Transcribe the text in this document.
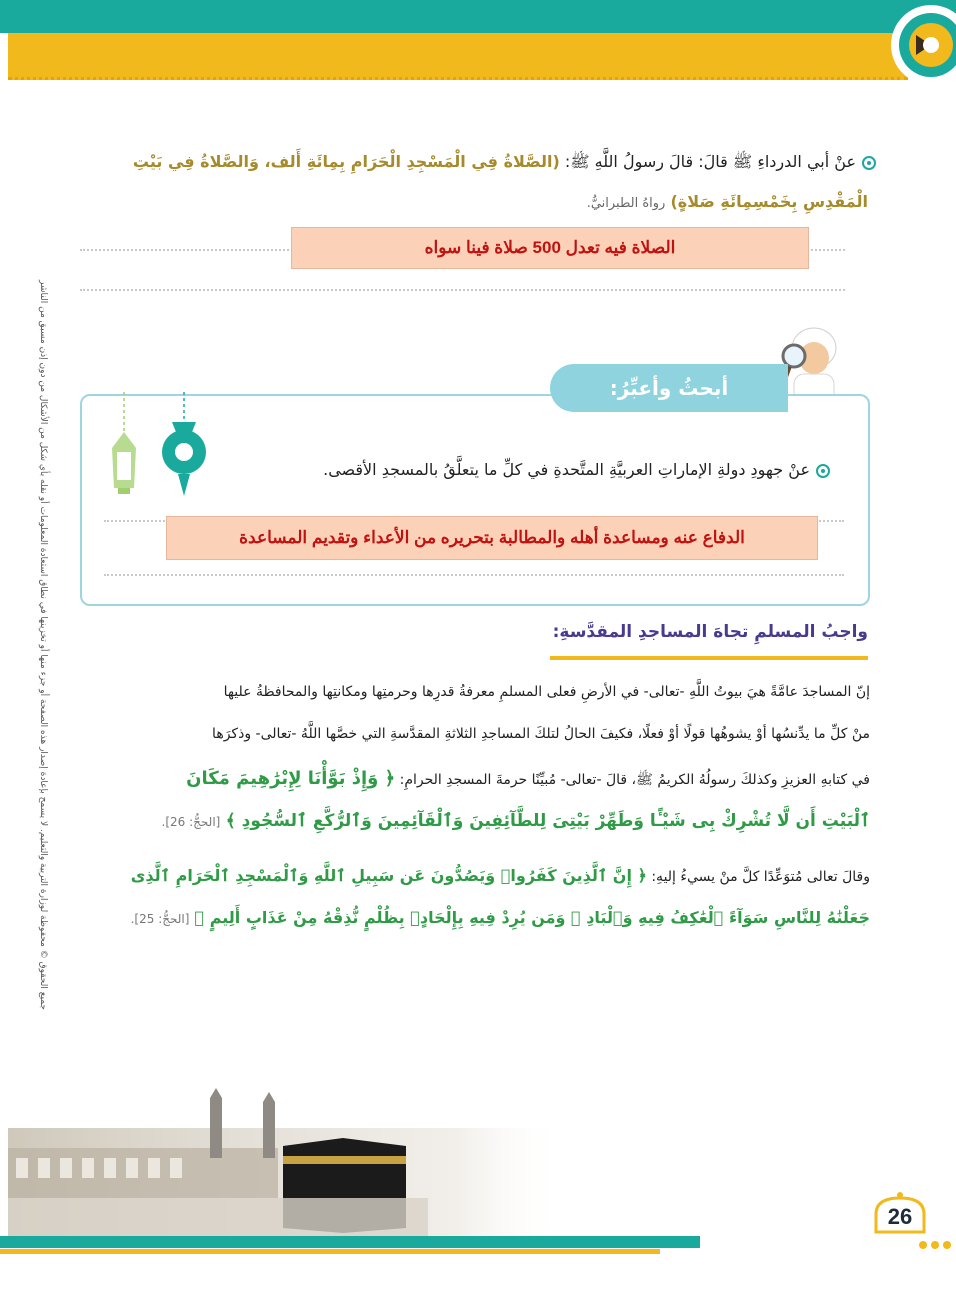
جميع الحقوق © محفوظة لوزارة التربية والتعليم. لا يسمح بإعادة إصدار هذه الصفحة أو جزء منها أو تخزينها في نطاق استعادة المعلومات أو نقله بأي شكل من الأشكال من دون إذن مسبق من الناشر
عنْ أبي الدرداءِ ﷺ قالَ: قالَ رسولُ اللَّهِ ﷺ: (الصَّلاةُ فِي الْمَسْجِدِ الْحَرَامِ بِمِائَةِ أَلف، وَالصَّلاةُ فِي بَيْتِ
الْمَقْدِسِ بِخَمْسِمِائَةِ صَلاةٍ) رواهُ الطبرانيُّ.
الصلاة فيه تعدل 500 صلاة فينا سواه
أبحثُ وأعبِّرُ:
عنْ جهودِ دولةِ الإماراتِ العربيَّةِ المتَّحدةِ في كلِّ ما يتعلَّقُ بالمسجدِ الأقصى.
الدفاع عنه ومساعدة أهله والمطالبة بتحريره من الأعداء وتقديم المساعدة
واجبُ المسلمِ تجاهَ المساجدِ المقدَّسةِ:
إنّ المساجدَ عامَّةً هيَ بيوتُ اللَّهِ -تعالى- في الأرضِ فعلى المسلمِ معرفةُ قدرِها وحرمتِها ومكانتِها والمحافظةُ عليها
منْ كلِّ ما يدِّنسُها أوْ يشوهُها قولًا أوْ فعلًا، فكيفَ الحالُ لتلكَ المساجدِ الثلاثةِ المقدَّسةِ التي خصَّها اللَّهُ -تعالى- وذكرَها
في كتابهِ العزيزِ وكذلكَ رسولُهُ الكريمُ ﷺ، قالَ -تعالى- مُبيِّنًا حرمةَ المسجدِ الحرامِ: ﴿ وَإِذْ بَوَّأْنَا لِإِبْرَٰهِيمَ مَكَانَ
ٱلْبَيْتِ أَن لَّا تُشْرِكْ بِى شَيْـًٔا وَطَهِّرْ بَيْتِىَ لِلطَّآئِفِينَ وَٱلْقَآئِمِينَ وَٱلرُّكَّعِ ٱلسُّجُودِ ﴾ [الحجُّ: 26].
وقالَ تعالى مُتوَعِّدًا كلَّ منْ يسيءُ إليهِ: ﴿ إِنَّ ٱلَّذِينَ كَفَرُوا۟ وَيَصُدُّونَ عَن سَبِيلِ ٱللَّهِ وَٱلْمَسْجِدِ ٱلْحَرَامِ ٱلَّذِى
جَعَلْنَٰهُ لِلنَّاسِ سَوَآءً ٱلْعَٰكِفُ فِيهِ وَٱلْبَادِ ۚ وَمَن يُرِدْ فِيهِ بِإِلْحَادٍۭ بِظُلْمٍ نُّذِقْهُ مِنْ عَذَابٍ أَلِيمٍ ﴾ [الحجُّ: 25].
26
